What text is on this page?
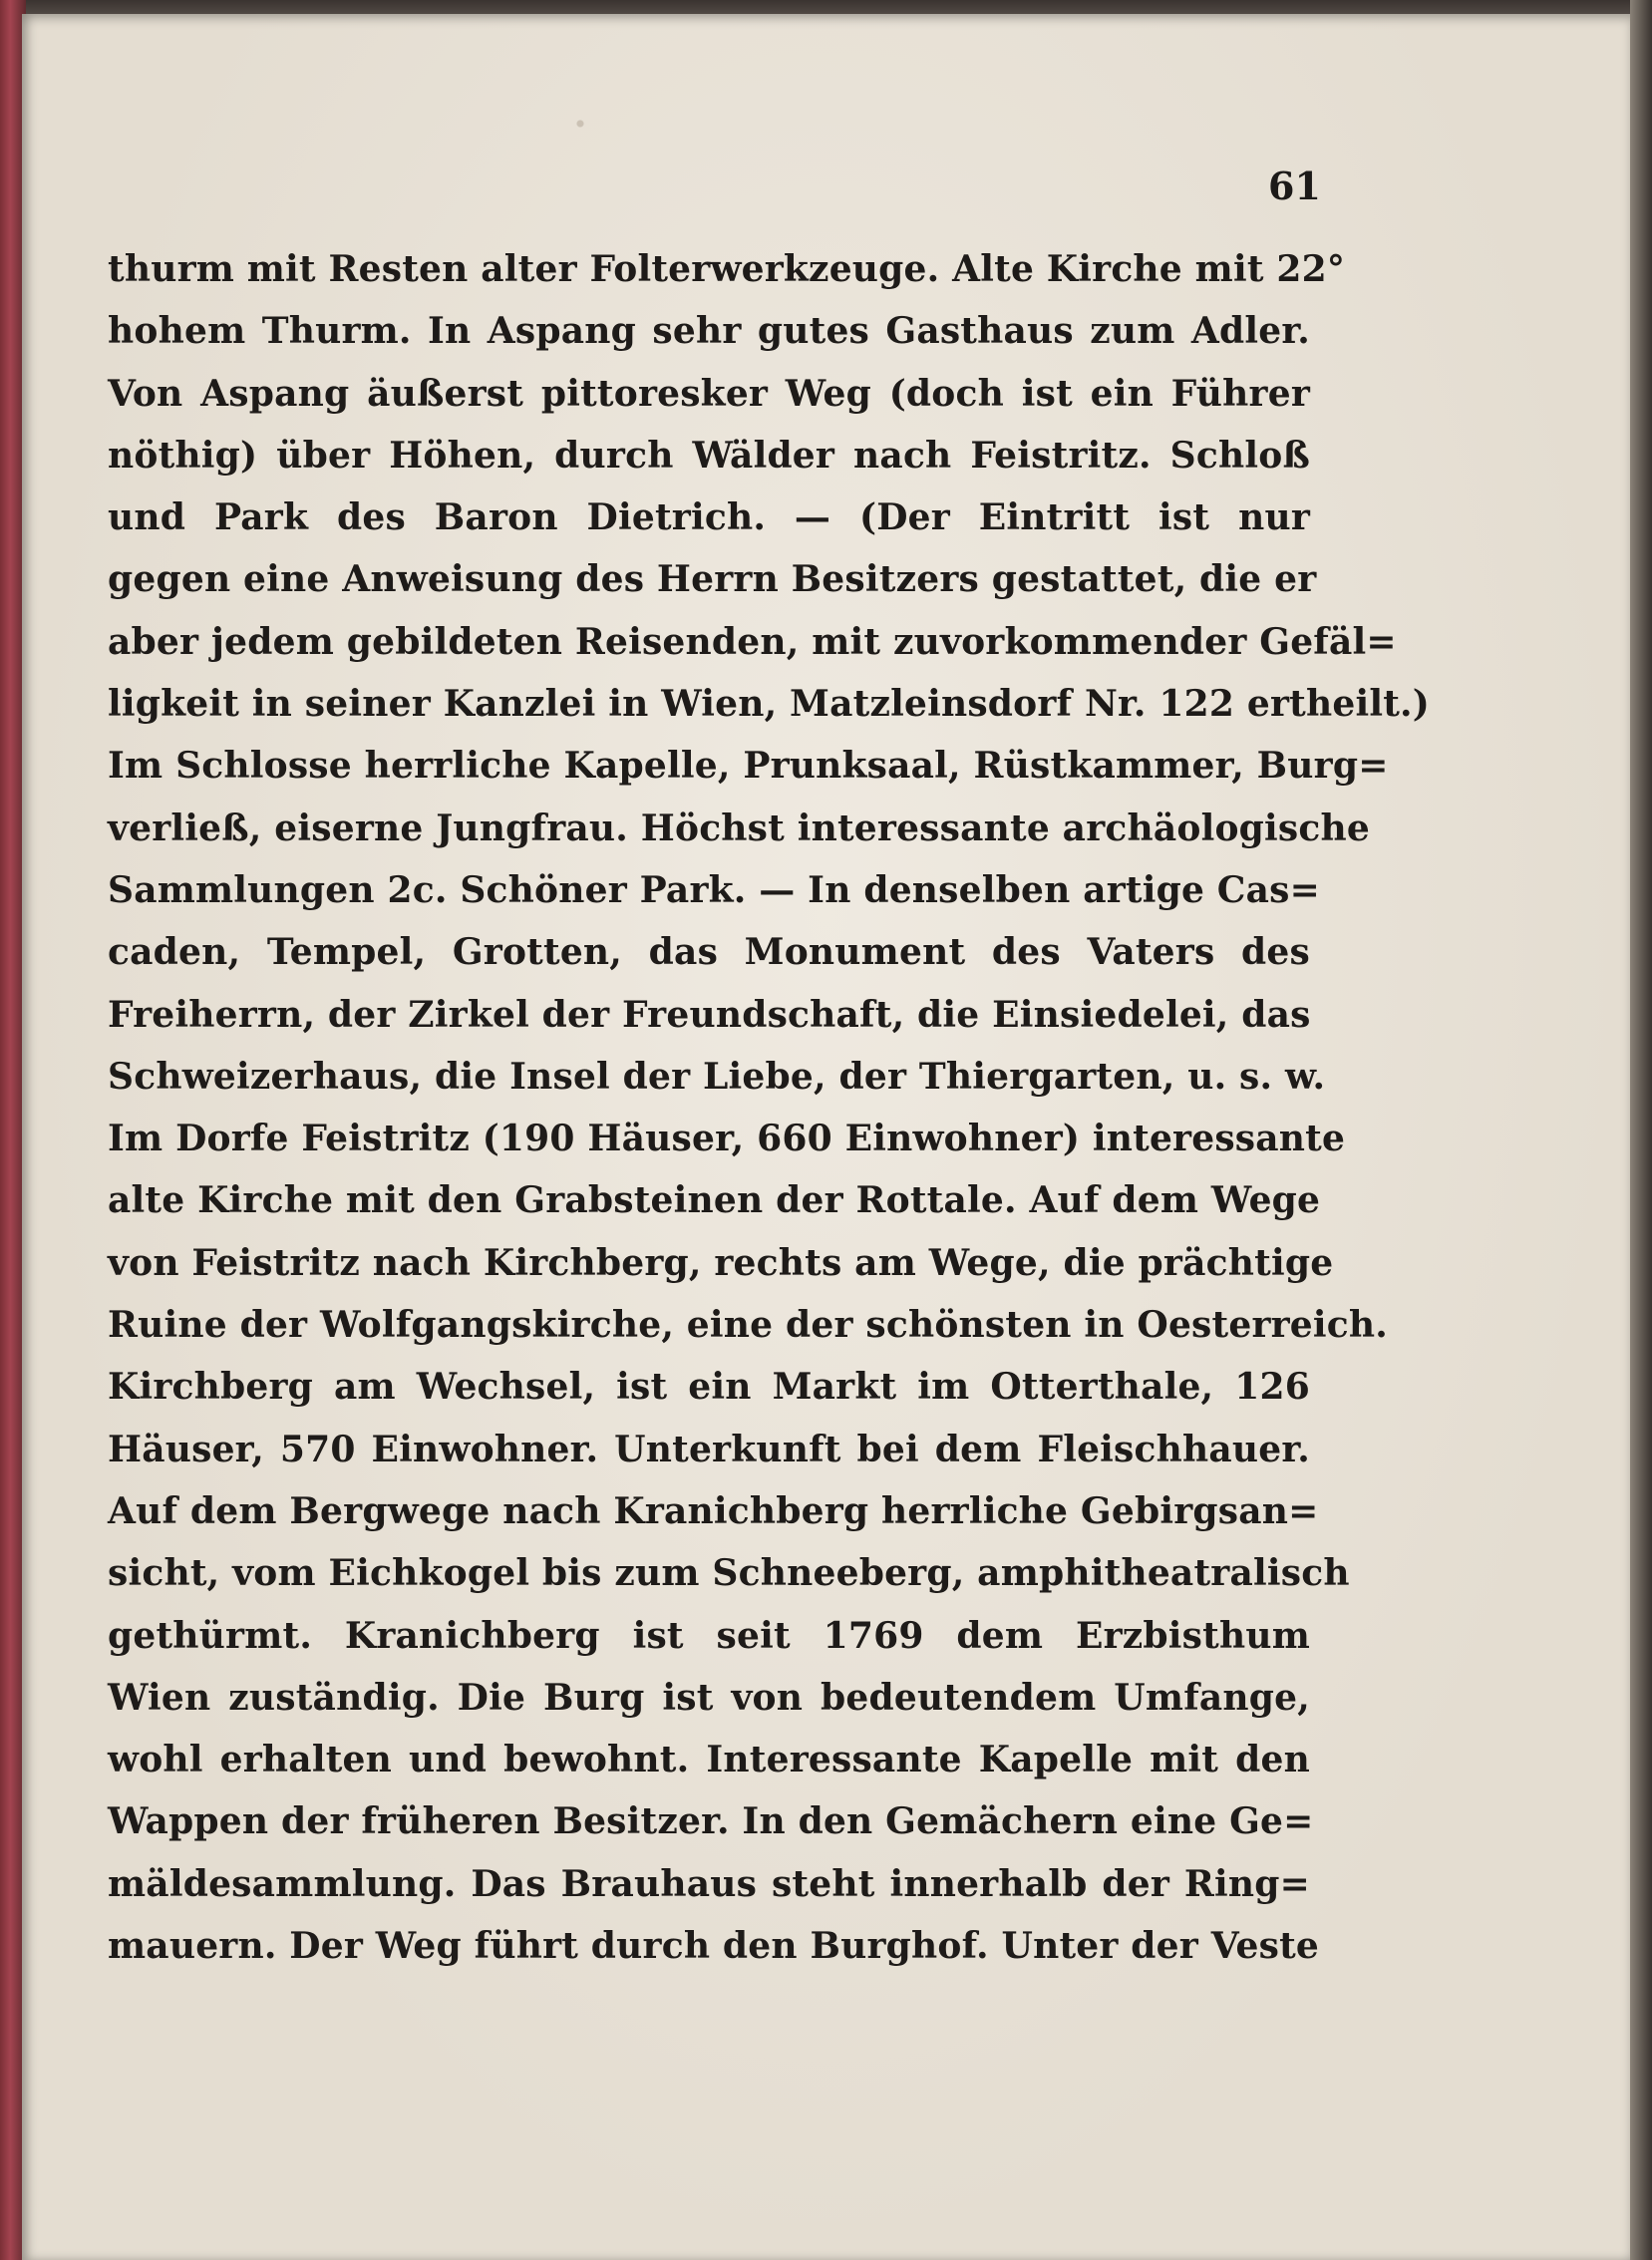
61

thurm mit Resten alter Folterwerkzeuge. Alte Kirche mit 22°

hohem Thurm. In Aspang sehr gutes Gasthaus zum Adler.

Von Aspang äußerst pittoresker Weg (doch ist ein Führer

nöthig) über Höhen, durch Wälder nach Feistritz. Schloß

und Park des Baron Dietrich. — (Der Eintritt ist nur

gegen eine Anweisung des Herrn Besitzers gestattet, die er

aber jedem gebildeten Reisenden, mit zuvorkommender Gefäl=

ligkeit in seiner Kanzlei in Wien, Matzleinsdorf Nr. 122 ertheilt.)

Im Schlosse herrliche Kapelle, Prunksaal, Rüstkammer, Burg=

verließ, eiserne Jungfrau. Höchst interessante archäologische

Sammlungen 2c. Schöner Park. — In denselben artige Cas=

caden, Tempel, Grotten, das Monument des Vaters des

Freiherrn, der Zirkel der Freundschaft, die Einsiedelei, das

Schweizerhaus, die Insel der Liebe, der Thiergarten, u. s. w.

Im Dorfe Feistritz (190 Häuser, 660 Einwohner) interessante

alte Kirche mit den Grabsteinen der Rottale. Auf dem Wege

von Feistritz nach Kirchberg, rechts am Wege, die prächtige

Ruine der Wolfgangskirche, eine der schönsten in Oesterreich.

Kirchberg am Wechsel, ist ein Markt im Otterthale, 126

Häuser, 570 Einwohner. Unterkunft bei dem Fleischhauer.

Auf dem Bergwege nach Kranichberg herrliche Gebirgsan=

sicht, vom Eichkogel bis zum Schneeberg, amphitheatralisch

gethürmt. Kranichberg ist seit 1769 dem Erzbisthum

Wien zuständig. Die Burg ist von bedeutendem Umfange,

wohl erhalten und bewohnt. Interessante Kapelle mit den

Wappen der früheren Besitzer. In den Gemächern eine Ge=

mäldesammlung. Das Brauhaus steht innerhalb der Ring=

mauern. Der Weg führt durch den Burghof. Unter der Veste
